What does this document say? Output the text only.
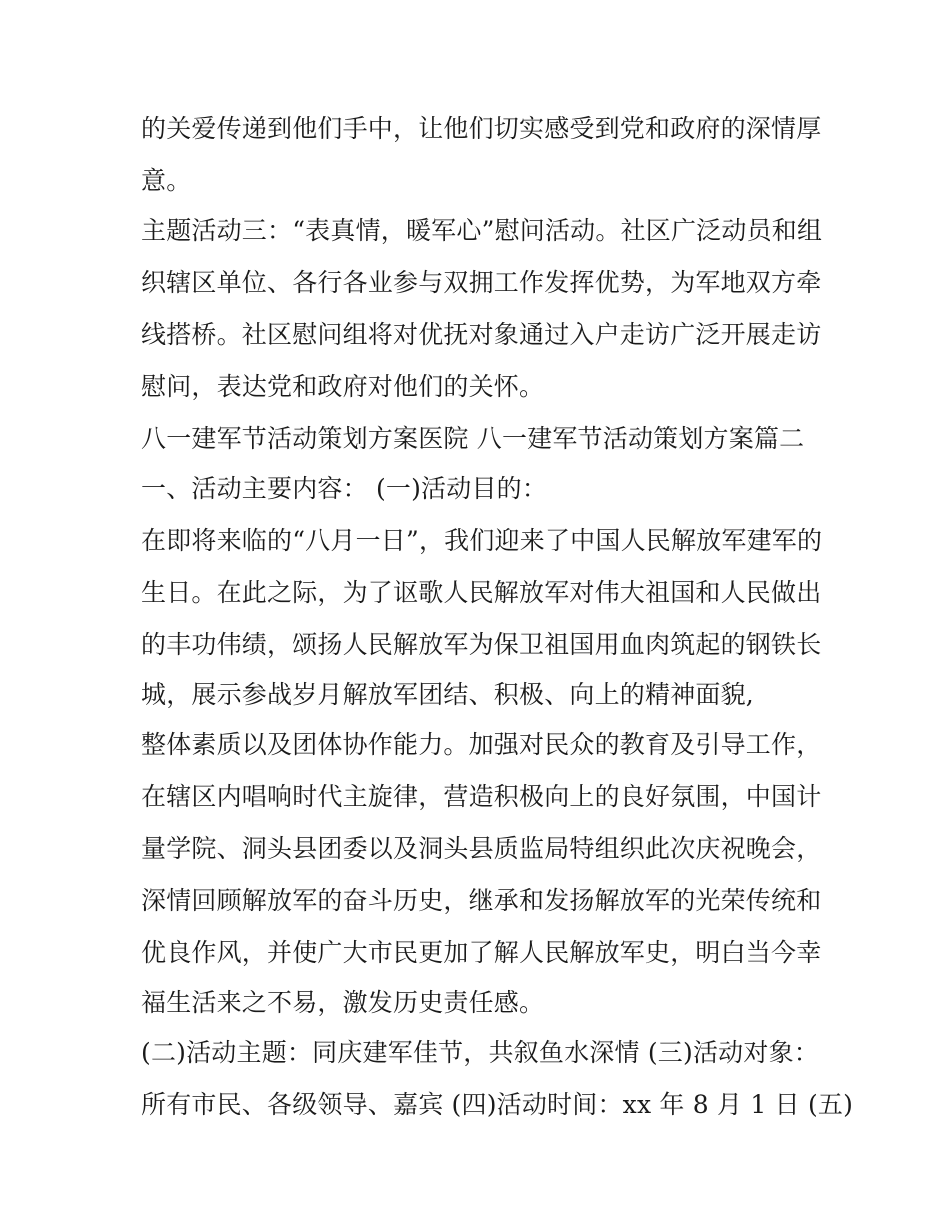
的关爱传递到他们手中，让他们切实感受到党和政府的深情厚
意。
主题活动三：“表真情，暖军心”慰问活动。社区广泛动员和组
织辖区单位、各行各业参与双拥工作发挥优势，为军地双方牵
线搭桥。社区慰问组将对优抚对象通过入户走访广泛开展走访
慰问，表达党和政府对他们的关怀。
八一建军节活动策划方案医院 八一建军节活动策划方案篇二
一、活动主要内容： (一)活动目的：
在即将来临的“八月一日”，我们迎来了中国人民解放军建军的
生日。在此之际，为了讴歌人民解放军对伟大祖国和人民做出
的丰功伟绩，颂扬人民解放军为保卫祖国用血肉筑起的钢铁长
城，展示参战岁月解放军团结、积极、向上的精神面貌,
整体素质以及团体协作能力。加强对民众的教育及引导工作，
在辖区内唱响时代主旋律，营造积极向上的良好氛围，中国计
量学院、洞头县团委以及洞头县质监局特组织此次庆祝晚会，
深情回顾解放军的奋斗历史，继承和发扬解放军的光荣传统和
优良作风，并使广大市民更加了解人民解放军史，明白当今幸
福生活来之不易，激发历史责任感。
(二)活动主题：同庆建军佳节，共叙鱼水深情 (三)活动对象：
所有市民、各级领导、嘉宾 (四)活动时间：xx 年 8 月 1 日 (五)
